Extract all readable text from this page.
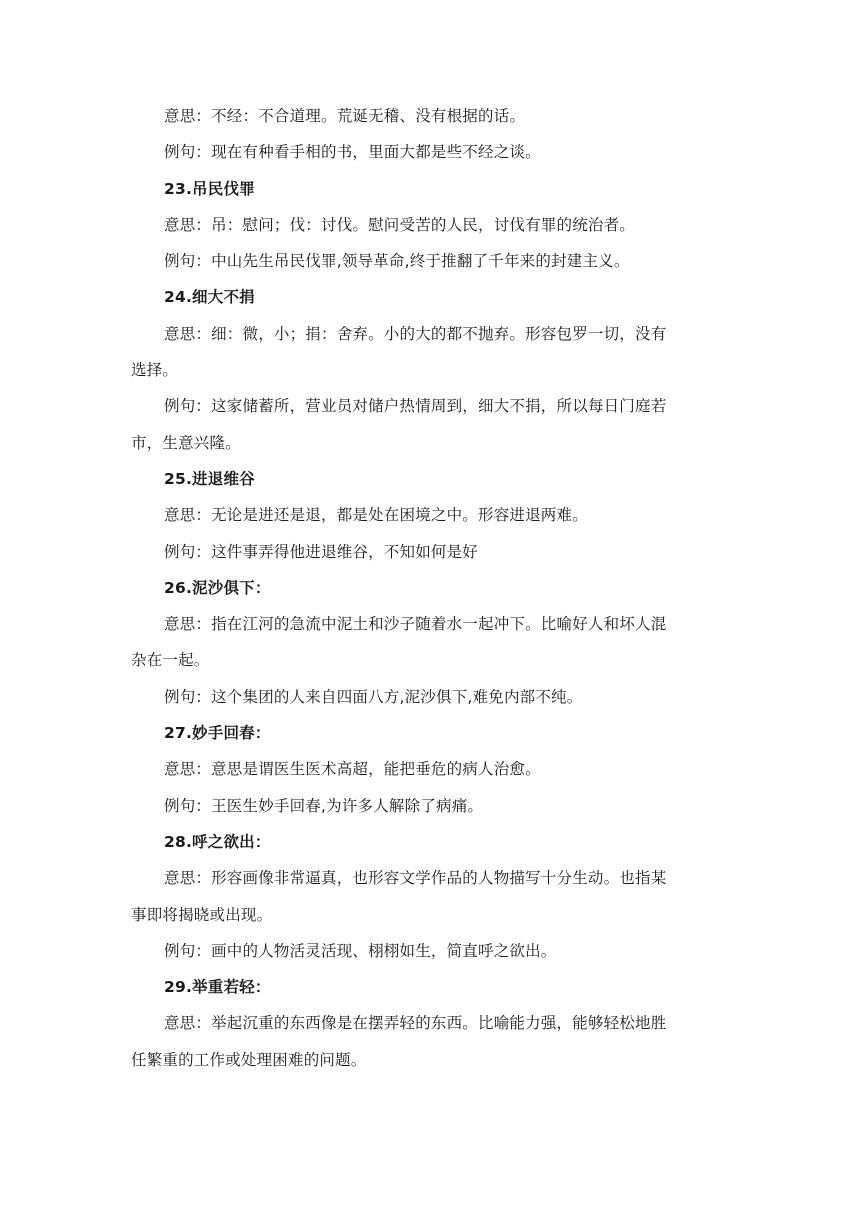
意思：不经：不合道理。荒诞无稽、没有根据的话。
例句：现在有种看手相的书，里面大都是些不经之谈。
23.吊民伐罪
意思：吊：慰问；伐：讨伐。慰问受苦的人民，讨伐有罪的统治者。
例句：中山先生吊民伐罪,领导革命,终于推翻了千年来的封建主义。
24.细大不捐
意思：细：微，小；捐：舍弃。小的大的都不抛弃。形容包罗一切，没有
选择。
例句：这家储蓄所，营业员对储户热情周到，细大不捐，所以每日门庭若
市，生意兴隆。
25.进退维谷
意思：无论是进还是退，都是处在困境之中。形容进退两难。
例句：这件事弄得他进退维谷，不知如何是好
26.泥沙俱下：
意思：指在江河的急流中泥土和沙子随着水一起冲下。比喻好人和坏人混
杂在一起。
例句：这个集团的人来自四面八方,泥沙俱下,难免内部不纯。
27.妙手回春：
意思：意思是谓医生医术高超，能把垂危的病人治愈。
例句：王医生妙手回春,为许多人解除了病痛。
28.呼之欲出：
意思：形容画像非常逼真，也形容文学作品的人物描写十分生动。也指某
事即将揭晓或出现。
例句：画中的人物活灵活现、栩栩如生，简直呼之欲出。
29.举重若轻：
意思：举起沉重的东西像是在摆弄轻的东西。比喻能力强，能够轻松地胜
任繁重的工作或处理困难的问题。
